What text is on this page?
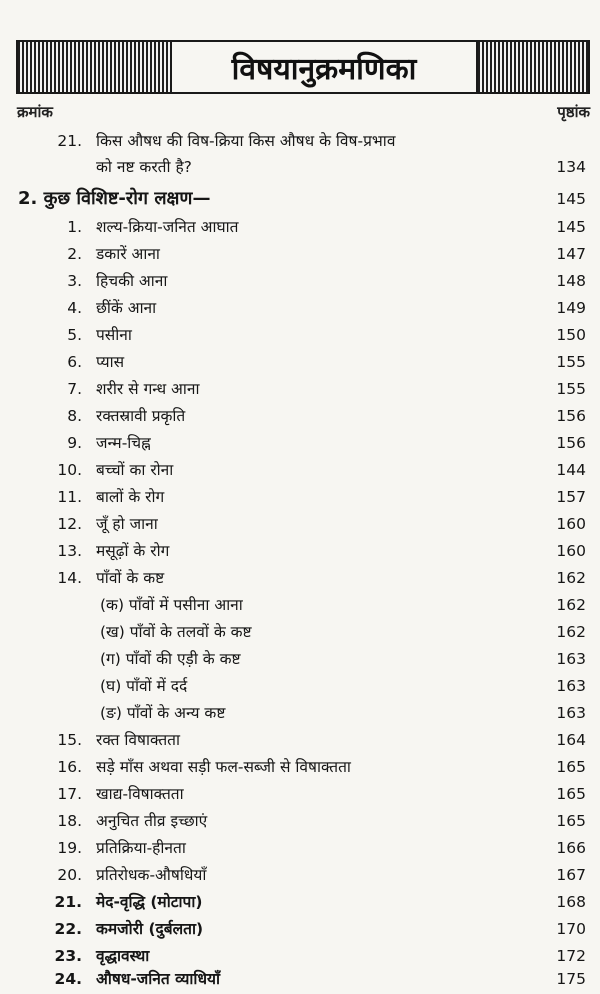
विषयानुक्रमणिका
क्रमांक	पृष्ठांक
21. किस औषध की विष-क्रिया किस औषध के विष-प्रभाव
को नष्ट करती है?	134
2. कुछ विशिष्ट-रोग लक्षण—	145
1. शल्य-क्रिया-जनित आघात	145
2. डकारें आना	147
3. हिचकी आना	148
4. छींकें आना	149
5. पसीना	150
6. प्यास	155
7. शरीर से गन्ध आना	155
8. रक्तस्रावी प्रकृति	156
9. जन्म-चिह्न	156
10. बच्चों का रोना	144
11. बालों के रोग	157
12. जूँ हो जाना	160
13. मसूढ़ों के रोग	160
14. पाँवों के कष्ट	162
(क) पाँवों में पसीना आना	162
(ख) पाँवों के तलवों के कष्ट	162
(ग) पाँवों की एड़ी के कष्ट	163
(घ) पाँवों में दर्द	163
(ङ) पाँवों के अन्य कष्ट	163
15. रक्त विषाक्तता	164
16. सड़े माँस अथवा सड़ी फल-सब्जी से विषाक्तता	165
17. खाद्य-विषाक्तता	165
18. अनुचित तीव्र इच्छाएं	165
19. प्रतिक्रिया-हीनता	166
20. प्रतिरोधक-औषधियाँ	167
21. मेद-वृद्धि (मोटापा)	168
22. कमजोरी (दुर्बलता)	170
23. वृद्धावस्था	172
24. औषध-जनित व्याधियाँ	175
